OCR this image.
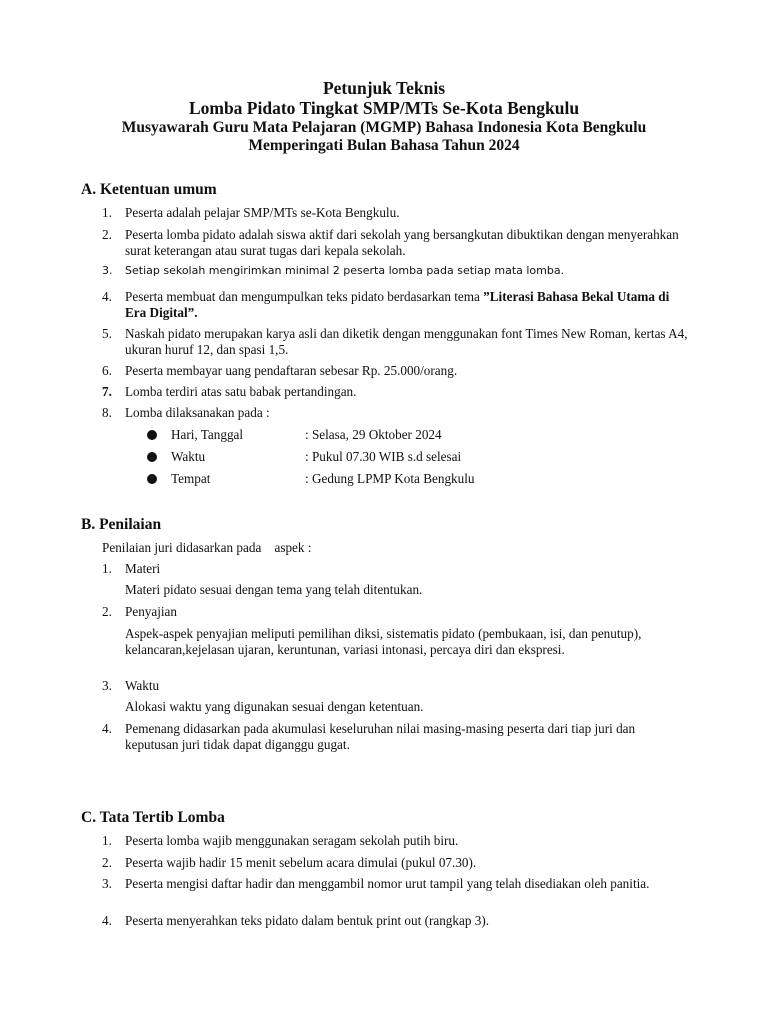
Petunjuk Teknis
Lomba Pidato Tingkat SMP/MTs Se-Kota Bengkulu
Musyawarah Guru Mata Pelajaran (MGMP) Bahasa Indonesia Kota Bengkulu
Memperingati Bulan Bahasa Tahun 2024
A. Ketentuan umum
1. Peserta adalah pelajar SMP/MTs se-Kota Bengkulu.
2. Peserta lomba pidato adalah siswa aktif dari sekolah yang bersangkutan dibuktikan dengan menyerahkan surat keterangan atau surat tugas dari kepala sekolah.
3. Setiap sekolah mengirimkan minimal 2 peserta lomba pada setiap mata lomba.
4. Peserta membuat dan mengumpulkan teks pidato berdasarkan tema ”Literasi Bahasa Bekal Utama di Era Digital”.
5. Naskah pidato merupakan karya asli dan diketik dengan menggunakan font Times New Roman, kertas A4, ukuran huruf 12, dan spasi 1,5.
6. Peserta membayar uang pendaftaran sebesar Rp. 25.000/orang.
7. Lomba terdiri atas satu babak pertandingan.
8. Lomba dilaksanakan pada :
Hari, Tanggal	: Selasa, 29 Oktober 2024
Waktu	: Pukul 07.30 WIB s.d selesai
Tempat	: Gedung LPMP Kota Bengkulu
B. Penilaian
Penilaian juri didasarkan pada    aspek :
1. Materi
Materi pidato sesuai dengan tema yang telah ditentukan.
2. Penyajian
Aspek-aspek penyajian meliputi pemilihan diksi, sistematis pidato (pembukaan, isi, dan penutup), kelancaran,kejelasan ujaran, keruntunan, variasi intonasi, percaya diri dan ekspresi.
3. Waktu
Alokasi waktu yang digunakan sesuai dengan ketentuan.
4. Pemenang didasarkan pada akumulasi keseluruhan nilai masing-masing peserta dari tiap juri dan keputusan juri tidak dapat diganggu gugat.
C. Tata Tertib Lomba
1. Peserta lomba wajib menggunakan seragam sekolah putih biru.
2. Peserta wajib hadir 15 menit sebelum acara dimulai (pukul 07.30).
3. Peserta mengisi daftar hadir dan menggambil nomor urut tampil yang telah disediakan oleh panitia.
4. Peserta menyerahkan teks pidato dalam bentuk print out (rangkap 3).
